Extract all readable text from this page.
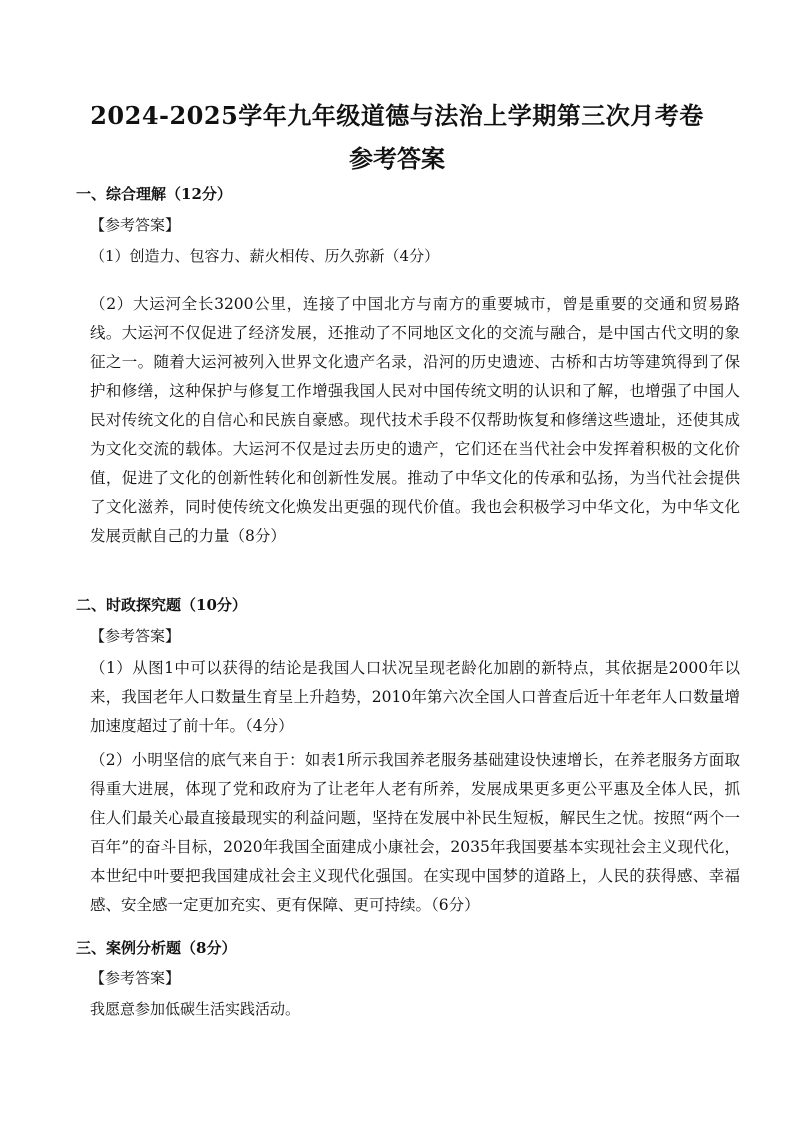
2024-2025学年九年级道德与法治上学期第三次月考卷
参考答案
一、综合理解（12分）
【参考答案】
（1）创造力、包容力、薪火相传、历久弥新（4分）
（2）大运河全长3200公里，连接了中国北方与南方的重要城市，曾是重要的交通和贸易路线。大运河不仅促进了经济发展，还推动了不同地区文化的交流与融合，是中国古代文明的象征之一。随着大运河被列入世界文化遗产名录，沿河的历史遗迹、古桥和古坊等建筑得到了保护和修缮，这种保护与修复工作增强我国人民对中国传统文明的认识和了解，也增强了中国人民对传统文化的自信心和民族自豪感。现代技术手段不仅帮助恢复和修缮这些遗址，还使其成为文化交流的载体。大运河不仅是过去历史的遗产，它们还在当代社会中发挥着积极的文化价值，促进了文化的创新性转化和创新性发展。推动了中华文化的传承和弘扬，为当代社会提供了文化滋养，同时使传统文化焕发出更强的现代价值。我也会积极学习中华文化，为中华文化发展贡献自己的力量（8分）
二、时政探究题（10分）
【参考答案】
（1）从图1中可以获得的结论是我国人口状况呈现老龄化加剧的新特点，其依据是2000年以来，我国老年人口数量生育呈上升趋势，2010年第六次全国人口普查后近十年老年人口数量增加速度超过了前十年。（4分）
（2）小明坚信的底气来自于：如表1所示我国养老服务基础建设快速增长，在养老服务方面取得重大进展，体现了党和政府为了让老年人老有所养，发展成果更多更公平惠及全体人民，抓住人们最关心最直接最现实的利益问题，坚持在发展中补民生短板，解民生之忧。按照“两个一百年”的奋斗目标，2020年我国全面建成小康社会，2035年我国要基本实现社会主义现代化，本世纪中叶要把我国建成社会主义现代化强国。在实现中国梦的道路上，人民的获得感、幸福感、安全感一定更加充实、更有保障、更可持续。（6分）
三、案例分析题（8分）
【参考答案】
我愿意参加低碳生活实践活动。
